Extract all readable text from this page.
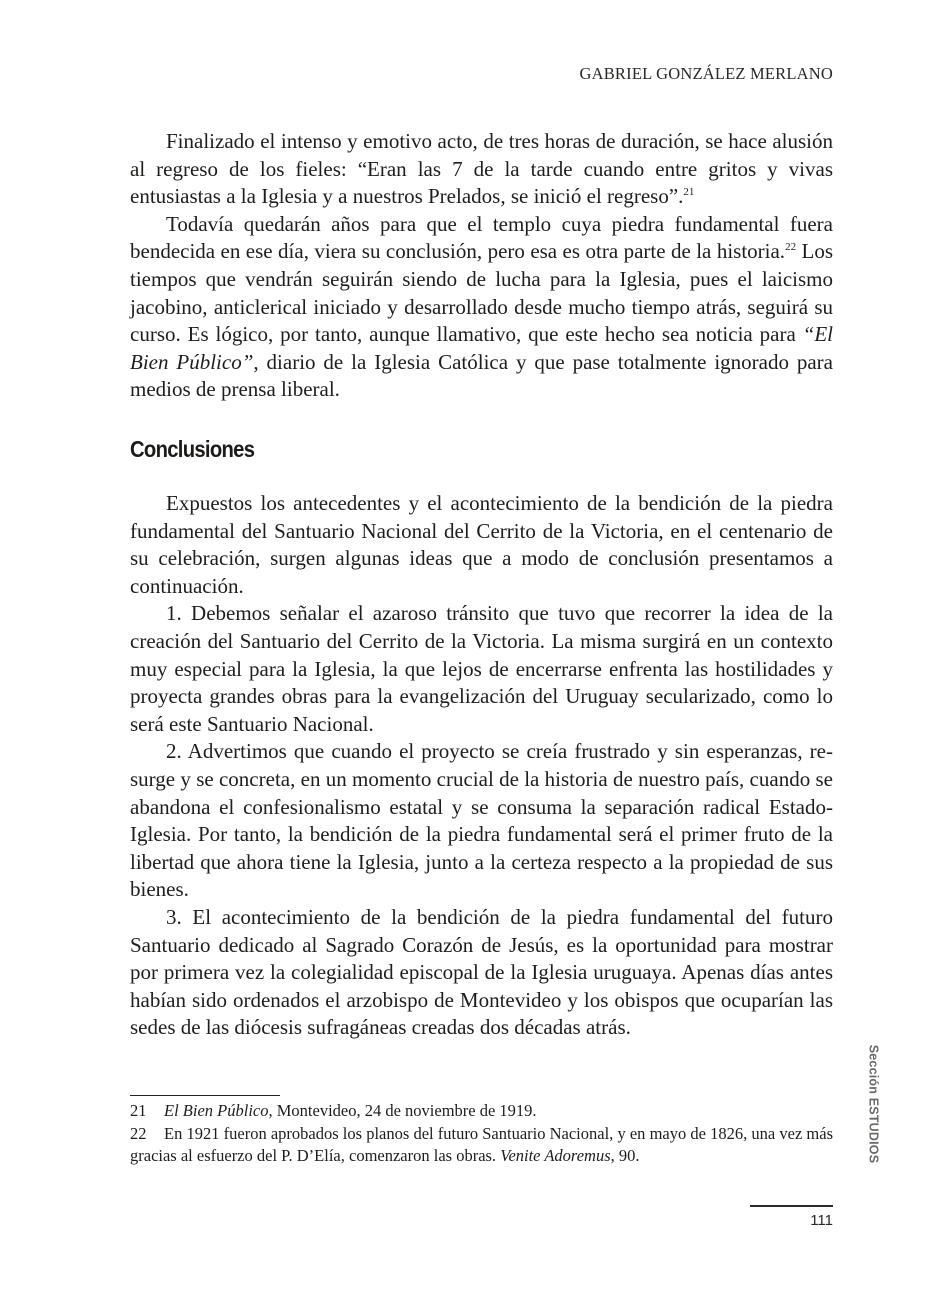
GABRIEL GONZÁLEZ MERLANO

Finalizado el intenso y emotivo acto, de tres horas de duración, se hace alusión al regreso de los fieles: “Eran las 7 de la tarde cuando entre gritos y vivas entusiastas a la Iglesia y a nuestros Prelados, se inició el regreso”.$^{21}$

Todavía quedarán años para que el templo cuya piedra fundamental fuera bendecida en ese día, viera su conclusión, pero esa es otra parte de la historia.$^{22}$ Los tiempos que vendrán seguirán siendo de lucha para la Iglesia, pues el laicismo jacobino, anticlerical iniciado y desarrollado desde mucho tiempo atrás, seguirá su curso. Es lógico, por tanto, aunque llamativo, que este hecho sea noticia para “El Bien Público”, diario de la Iglesia Católica y que pase totalmente ignorado para medios de prensa liberal.

Conclusiones

Expuestos los antecedentes y el acontecimiento de la bendición de la piedra fundamental del Santuario Nacional del Cerrito de la Victoria, en el centenario de su celebración, surgen algunas ideas que a modo de conclusión presentamos a continuación.

1. Debemos señalar el azaroso tránsito que tuvo que recorrer la idea de la creación del Santuario del Cerrito de la Victoria. La misma surgirá en un contexto muy especial para la Iglesia, la que lejos de encerrarse enfrenta las hostilidades y proyecta grandes obras para la evangelización del Uruguay secularizado, como lo será este Santuario Nacional.

2. Advertimos que cuando el proyecto se creía frustrado y sin esperanzas, resurge y se concreta, en un momento crucial de la historia de nuestro país, cuando se abandona el confesionalismo estatal y se consuma la separación radical Estado-Iglesia. Por tanto, la bendición de la piedra fundamental será el primer fruto de la libertad que ahora tiene la Iglesia, junto a la certeza respecto a la propiedad de sus bienes.

3. El acontecimiento de la bendición de la piedra fundamental del futuro Santuario dedicado al Sagrado Corazón de Jesús, es la oportunidad para mostrar por primera vez la colegialidad episcopal de la Iglesia uruguaya. Apenas días antes habían sido ordenados el arzobispo de Montevideo y los obispos que ocuparían las sedes de las diócesis sufragáneas creadas dos décadas atrás.

21 El Bien Público, Montevideo, 24 de noviembre de 1919.

22 En 1921 fueron aprobados los planos del futuro Santuario Nacional, y en mayo de 1826, una vez más gracias al esfuerzo del P. D’Elía, comenzaron las obras. Venite Adoremus, 90.	Sección ESTUDIOS
111
